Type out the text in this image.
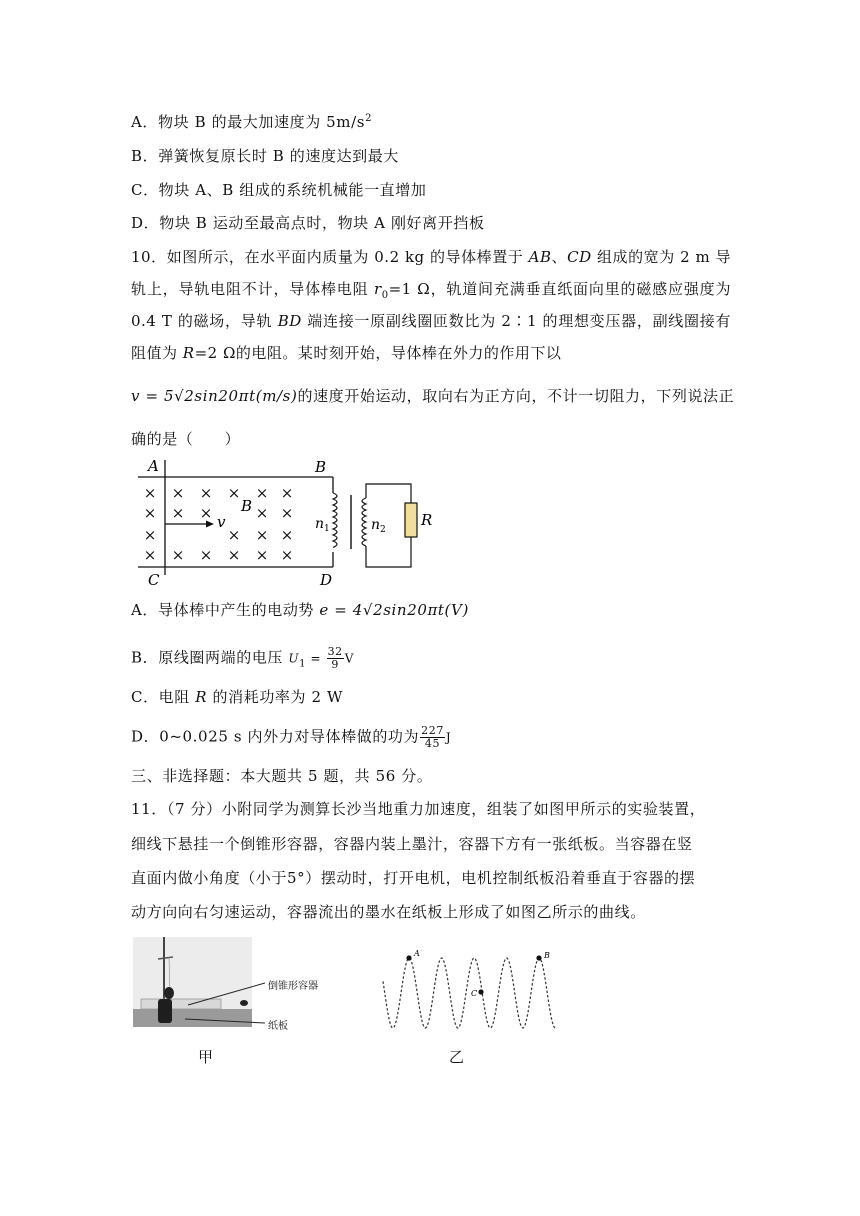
A．物块 B 的最大加速度为 $5m/s^2$
B．弹簧恢复原长时 B 的速度达到最大
C．物块 A、B 组成的系统机械能一直增加
D．物块 B 运动至最高点时，物块 A 刚好离开挡板
10．如图所示，在水平面内质量为 0.2 kg 的导体棒置于 AB、CD 组成的宽为 2 m 导轨上，导轨电阻不计，导体棒电阻 $r_0=1$ Ω，轨道间充满垂直纸面向里的磁感应强度为 0.4 T 的磁场，导轨 BD 端连接一原副线圈匝数比为 2∶1 的理想变压器，副线圈接有阻值为 R=2 Ω的电阻。某时刻开始，导体棒在外力的作用下以
v = 5√2sin20πt(m/s)的速度开始运动，取向右为正方向，不计一切阻力，下列说法正
确的是（　　）
× × × × × ×
× × ×	× ×
×	× × ×
× × × × × ×
A	B
C	D
B
v	$n_1$	$n_2$
R
A．导体棒中产生的电动势 e = 4√2sin20πt(V)
B．原线圈两端的电压 $U_1 = \frac{32}{9}$ V
C．电阻 R 的消耗功率为 2 W
D．0~0.025 s 内外力对导体棒做的功为 $\frac{227}{45}$ J
三、非选择题：本大题共 5 题，共 56 分。
11．（7 分）小附同学为测算长沙当地重力加速度，组装了如图甲所示的实验装置，
细线下悬挂一个倒锥形容器，容器内装上墨汁，容器下方有一张纸板。当容器在竖
直面内做小角度（小于5°）摆动时，打开电机，电机控制纸板沿着垂直于容器的摆
动方向向右匀速运动，容器流出的墨水在纸板上形成了如图乙所示的曲线。
倒锥形容器
纸板
甲
A	B
C
乙
